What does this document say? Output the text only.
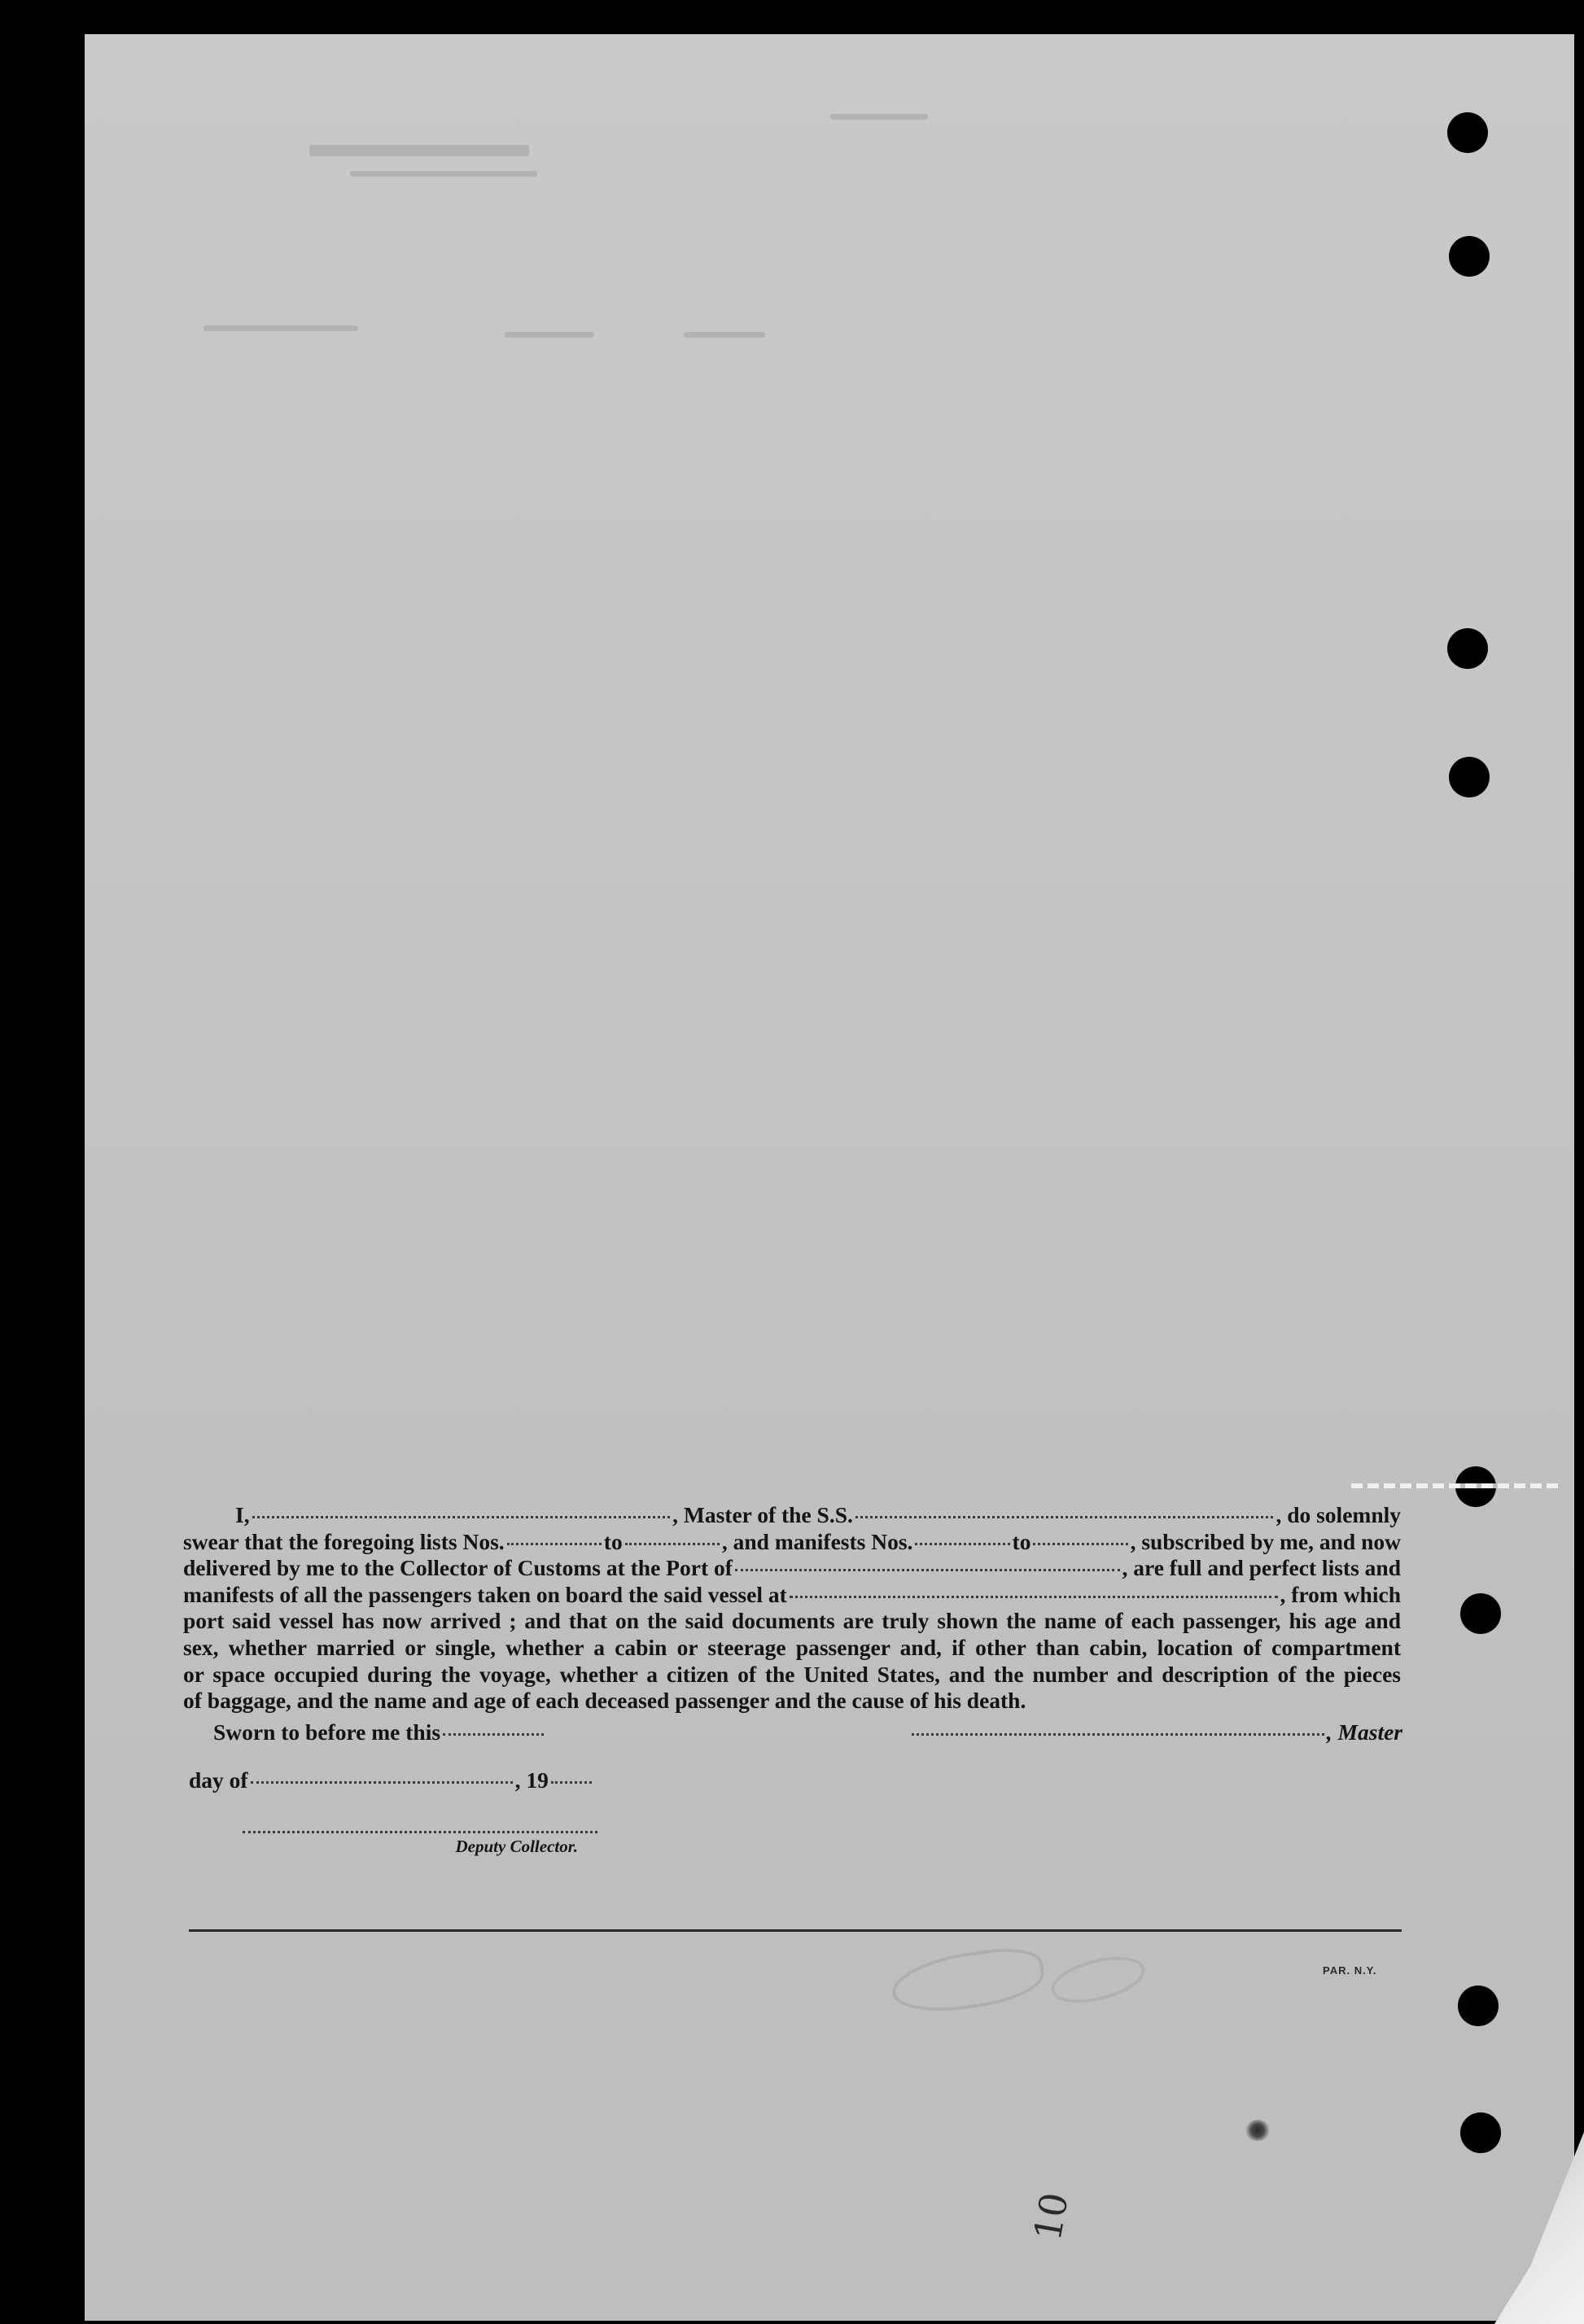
I,	, Master of the S.S.	, do solemnly
swear that the foregoing lists Nos.	to	, and manifests Nos.	to	, subscribed by me, and now
delivered by me to the Collector of Customs at the Port of	, are full and perfect lists and
manifests of all the passengers taken on board the said vessel at	, from which

port said vessel has now arrived ; and that on the said documents are truly shown the name of each passenger, his age and

sex, whether married or single, whether a cabin or steerage passenger and, if other than cabin, location of compartment

or space occupied during the voyage, whether a citizen of the United States, and the number and description of the pieces

of baggage, and the name and age of each deceased passenger and the cause of his death.

Sworn to before me this	, Master
day of	, 19
Deputy Collector.
PAR. N.Y.
10
